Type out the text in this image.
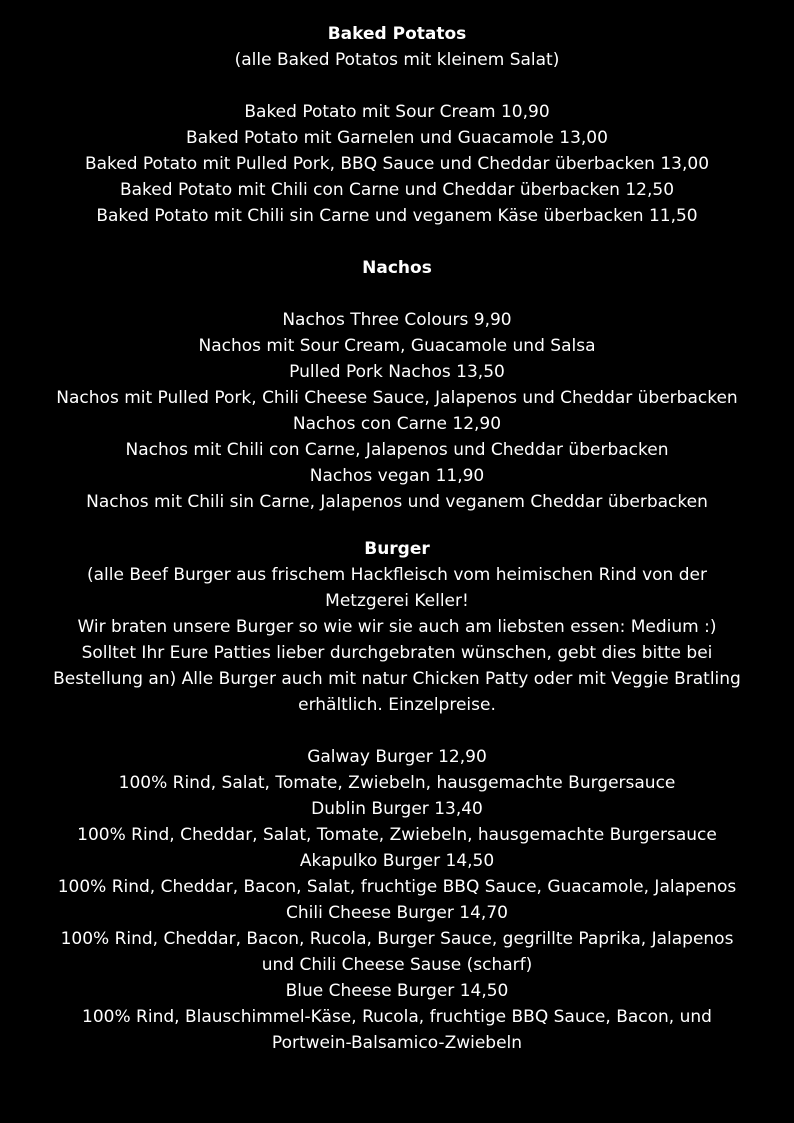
Baked Potatos
(alle Baked Potatos mit kleinem Salat)
Baked Potato mit Sour Cream 10,90
Baked Potato mit Garnelen und Guacamole 13,00
Baked Potato mit Pulled Pork, BBQ Sauce und Cheddar überbacken 13,00
Baked Potato mit Chili con Carne und Cheddar überbacken 12,50
Baked Potato mit Chili sin Carne und veganem Käse überbacken 11,50
Nachos
Nachos Three Colours 9,90
Nachos mit Sour Cream, Guacamole und Salsa
Pulled Pork Nachos 13,50
Nachos mit Pulled Pork, Chili Cheese Sauce, Jalapenos und Cheddar überbacken
Nachos con Carne 12,90
Nachos mit Chili con Carne, Jalapenos und Cheddar überbacken
Nachos vegan 11,90
Nachos mit Chili sin Carne, Jalapenos und veganem Cheddar überbacken
Burger
(alle Beef Burger aus frischem Hackfleisch vom heimischen Rind von der
Metzgerei Keller!
Wir braten unsere Burger so wie wir sie auch am liebsten essen: Medium :)
Solltet Ihr Eure Patties lieber durchgebraten wünschen, gebt dies bitte bei
Bestellung an) Alle Burger auch mit natur Chicken Patty oder mit Veggie Bratling
erhältlich. Einzelpreise.
Galway Burger 12,90
100% Rind, Salat, Tomate, Zwiebeln, hausgemachte Burgersauce
Dublin Burger 13,40
100% Rind, Cheddar, Salat, Tomate, Zwiebeln, hausgemachte Burgersauce
Akapulko Burger 14,50
100% Rind, Cheddar, Bacon, Salat, fruchtige BBQ Sauce, Guacamole, Jalapenos
Chili Cheese Burger 14,70
100% Rind, Cheddar, Bacon, Rucola, Burger Sauce, gegrillte Paprika, Jalapenos
und Chili Cheese Sause (scharf)
Blue Cheese Burger 14,50
100% Rind, Blauschimmel-Käse, Rucola, fruchtige BBQ Sauce, Bacon, und
Portwein-Balsamico-Zwiebeln
